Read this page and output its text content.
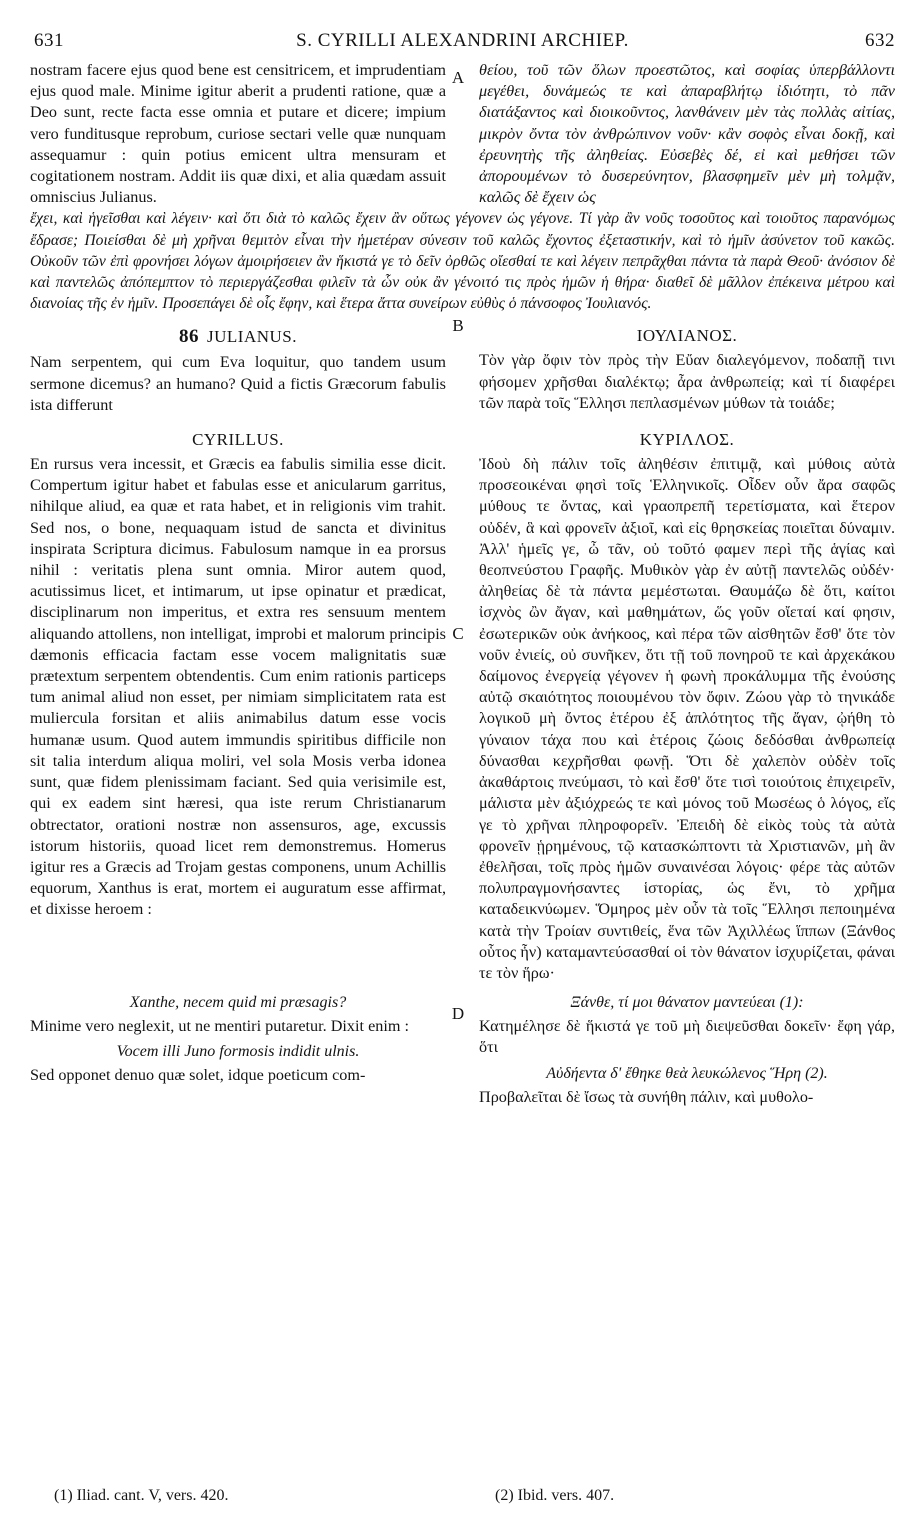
631	S. CYRILLI ALEXANDRINI ARCHIEP.	632

nostram facere ejus quod bene est censitricem, et imprudentiam ejus quod male. Minime igitur aberit a prudenti ratione, quæ a Deo sunt, recte facta esse omnia et putare et dicere; impium vero funditusque reprobum, curiose sectari velle quæ nunquam assequamur : quin potius emicent ultra mensuram et cogitationem nostram. Addit iis quæ dixi, et alia quædam assuit omniscius Julianus.

A θείου, τοῦ τῶν ὅλων προεστῶτος, καὶ σοφίας ὑπερβάλλοντι μεγέθει, δυνάμεώς τε καὶ ἀπαραβλήτῳ ἰδιότητι, τὸ πᾶν διατάξαντος καὶ διοικοῦντος, λανθάνειν μὲν τὰς πολλὰς αἰτίας, μικρὸν ὄντα τὸν ἀνθρώπινον νοῦν· κἂν σοφὸς εἶναι δοκῇ, καὶ ἐρευνητὴς τῆς ἀληθείας. Εὐσεβὲς δέ, εἰ καὶ μεθήσει τῶν ἀπορουμένων τὸ δυσερεύνητον, βλασφημεῖν μὲν μὴ τολμᾷν, καλῶς δὲ ἔχειν ὡς

ἔχει, καὶ ἡγεῖσθαι καὶ λέγειν· καὶ ὅτι διὰ τὸ καλῶς ἔχειν ἂν οὕτως γέγονεν ὡς γέγονε. Τί γὰρ ἂν νοῦς τοσοῦτος καὶ τοιοῦτος παρανόμως ἔδρασε; Ποιείσθαι δὲ μὴ χρῆναι θεμιτὸν εἶναι τὴν ἡμετέραν σύνεσιν τοῦ καλῶς ἔχοντος ἐξεταστικήν, καὶ τὸ ἡμῖν ἀσύνετον τοῦ κακῶς. Οὐκοῦν τῶν ἐπὶ φρονήσει λόγων ἀμοιρήσειεν ἂν ἥκιστά γε τὸ δεῖν ὀρθῶς οἴεσθαί τε καὶ λέγειν πεπρᾶχθαι πάντα τὰ παρὰ Θεοῦ· ἀνόσιον δὲ καὶ παντελῶς ἀπόπεμπτον τὸ περιεργάζεσθαι φιλεῖν τὰ ὧν οὐκ ἂν γένοιτό τις πρὸς ἡμῶν ἡ θήρα· διαθεῖ δὲ μᾶλλον ἐπέκεινα μέτρου καὶ διανοίας τῆς ἐν ἡμῖν. Προσεπάγει δὲ οἷς ἔφην, καὶ ἕτερα ἄττα συνείρων εὐθὺς ὁ πάνσοφος Ἰουλιανός.

B
86 JULIANUS.

Nam serpentem, qui cum Eva loquitur, quo tandem usum sermone dicemus? an humano? Quid a fictis Græcorum fabulis ista differunt

ΙΟΥΛΙΑΝΟΣ.

Τὸν γὰρ ὄφιν τὸν πρὸς τὴν Εὔαν διαλεγόμενον, ποδαπῇ τινι φήσομεν χρῆσθαι διαλέκτῳ; ἆρα ἀνθρωπείᾳ; καὶ τί διαφέρει τῶν παρὰ τοῖς Ἕλλησι πεπλασμένων μύθων τὰ τοιάδε;

C
D
CYRILLUS.

En rursus vera incessit, et Græcis ea fabulis similia esse dicit. Compertum igitur habet et fabulas esse et anicularum garritus, nihilque aliud, ea quæ et rata habet, et in religionis vim trahit. Sed nos, o bone, nequaquam istud de sancta et divinitus inspirata Scriptura dicimus. Fabulosum namque in ea prorsus nihil : veritatis plena sunt omnia. Miror autem quod, acutissimus licet, et intimarum, ut ipse opinatur et prædicat, disciplinarum non imperitus, et extra res sensuum mentem aliquando attollens, non intelligat, improbi et malorum principis dæmonis efficacia factam esse vocem malignitatis suæ prætextum serpentem obtendentis. Cum enim rationis particeps tum animal aliud non esset, per nimiam simplicitatem rata est muliercula forsitan et aliis animabilus datum esse vocis humanæ usum. Quod autem immundis spiritibus difficile non sit talia interdum aliqua moliri, vel sola Mosis verba idonea sunt, quæ fidem plenissimam faciant. Sed quia verisimile est, qui ex eadem sint hæresi, qua iste rerum Christianarum obtrectator, orationi nostræ non assensuros, age, excussis istorum historiis, quoad licet rem demonstremus. Homerus igitur res a Græcis ad Trojam gestas componens, unum Achillis equorum, Xanthus is erat, mortem ei auguratum esse affirmat, et dixisse heroem :

ΚΥΡΙΛΛΟΣ.

Ἰδοὺ δὴ πάλιν τοῖς ἀληθέσιν ἐπιτιμᾷ, καὶ μύθοις αὐτὰ προσεοικέναι φησὶ τοῖς Ἑλληνικοῖς. Οἶδεν οὖν ἄρα σαφῶς μύθους τε ὄντας, καὶ γραοπρεπῆ τερετίσματα, καὶ ἕτερον οὐδέν, ἃ καὶ φρονεῖν ἀξιοῖ, καὶ εἰς θρησκείας ποιεῖται δύναμιν. Ἀλλ' ἡμεῖς γε, ὦ τᾶν, οὐ τοῦτό φαμεν περὶ τῆς ἁγίας καὶ θεοπνεύστου Γραφῆς. Μυθικὸν γὰρ ἐν αὐτῇ παντελῶς οὐδέν· ἀληθείας δὲ τὰ πάντα μεμέστωται. Θαυμάζω δὲ ὅτι, καίτοι ἰσχνὸς ὢν ἄγαν, καὶ μαθημάτων, ὥς γοῦν οἴεταί καί φησιν, ἐσωτερικῶν οὐκ ἀνήκοος, καὶ πέρα τῶν αἰσθητῶν ἔσθ' ὅτε τὸν νοῦν ἐνιείς, οὐ συνῆκεν, ὅτι τῇ τοῦ πονηροῦ τε καὶ ἀρχεκάκου δαίμονος ἐνεργείᾳ γέγονεν ἡ φωνὴ προκάλυμμα τῆς ἐνούσης αὐτῷ σκαιότητος ποιουμένου τὸν ὄφιν. Ζώου γὰρ τὸ τηνικάδε λογικοῦ μὴ ὄντος ἑτέρου ἐξ ἁπλότητος τῆς ἄγαν, ᾠήθη τὸ γύναιον τάχα που καὶ ἑτέροις ζώοις δεδόσθαι ἀνθρωπείᾳ δύνασθαι κεχρῆσθαι φωνῇ. Ὅτι δὲ χαλεπὸν οὐδὲν τοῖς ἀκαθάρτοις πνεύμασι, τὸ καὶ ἔσθ' ὅτε τισὶ τοιούτοις ἐπιχειρεῖν, μάλιστα μὲν ἀξιόχρεώς τε καὶ μόνος τοῦ Μωσέως ὁ λόγος, εἴς γε τὸ χρῆναι πληροφορεῖν. Ἐπειδὴ δὲ εἰκὸς τοὺς τὰ αὐτὰ φρονεῖν ᾑρημένους, τῷ κατασκώπτοντι τὰ Χριστιανῶν, μὴ ἂν ἐθελῆσαι, τοῖς πρὸς ἡμῶν συναινέσαι λόγοις· φέρε τὰς αὐτῶν πολυπραγμονήσαντες ἱστορίας, ὡς ἔνι, τὸ χρῆμα καταδεικνύωμεν. Ὅμηρος μὲν οὖν τὰ τοῖς Ἕλλησι πεποιημένα κατὰ τὴν Τροίαν συντιθείς, ἕνα τῶν Ἀχιλλέως ἵππων (Ξάνθος οὗτος ἦν) καταμαντεύσασθαί οἱ τὸν θάνατον ἰσχυρίζεται, φάναι τε τὸν ἥρω·

Xanthe, necem quid mi præsagis?

Minime vero neglexit, ut ne mentiri putaretur. Dixit enim :

Vocem illi Juno formosis indidit ulnis.

Sed opponet denuo quæ solet, idque poeticum com-

Ξάνθε, τί μοι θάνατον μαντεύεαι (1):

Κατημέλησε δὲ ἥκιστά γε τοῦ μὴ διεψεῦσθαι δοκεῖν· ἔφη γάρ, ὅτι

Αὐδήεντα δ' ἔθηκε θεὰ λευκώλενος Ἥρη (2).

Προβαλεῖται δὲ ἴσως τὰ συνήθη πάλιν, καὶ μυθολο-

(1) Iliad. cant. V, vers. 420.	(2) Ibid. vers. 407.
